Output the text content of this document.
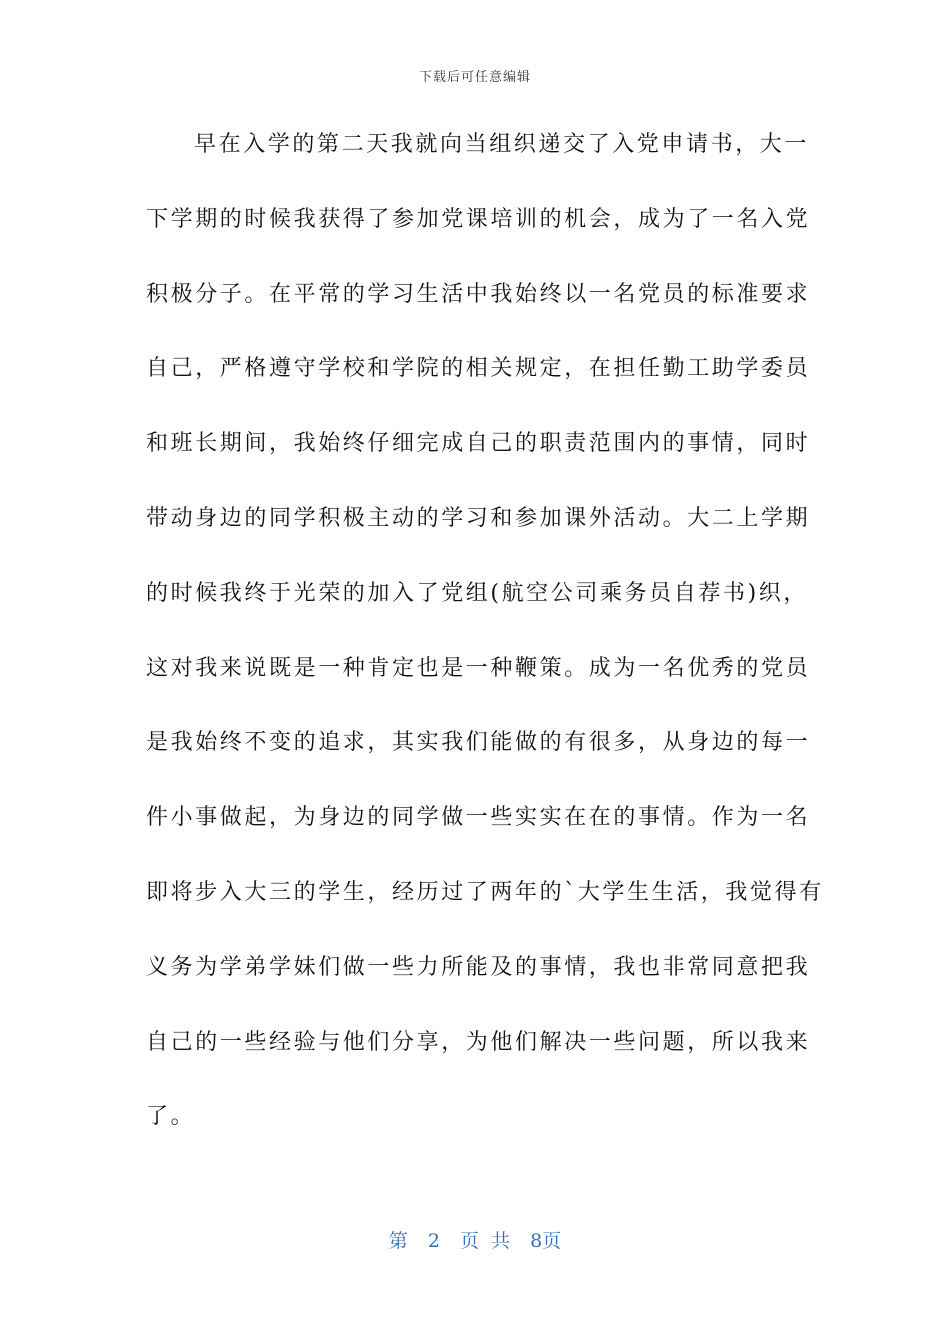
下载后可任意编辑
早在入学的第二天我就向当组织递交了入党申请书，大一
下学期的时候我获得了参加党课培训的机会，成为了一名入党
积极分子。在平常的学习生活中我始终以一名党员的标准要求
自己，严格遵守学校和学院的相关规定，在担任勤工助学委员
和班长期间，我始终仔细完成自己的职责范围内的事情，同时
带动身边的同学积极主动的学习和参加课外活动。大二上学期
的时候我终于光荣的加入了党组(航空公司乘务员自荐书)织，
这对我来说既是一种肯定也是一种鞭策。成为一名优秀的党员
是我始终不变的追求，其实我们能做的有很多，从身边的每一
件小事做起，为身边的同学做一些实实在在的事情。作为一名
即将步入大三的学生，经历过了两年的`大学生生活，我觉得有
义务为学弟学妹们做一些力所能及的事情，我也非常同意把我
自己的一些经验与他们分享，为他们解决一些问题，所以我来
了。
第 2 页 共 8页
